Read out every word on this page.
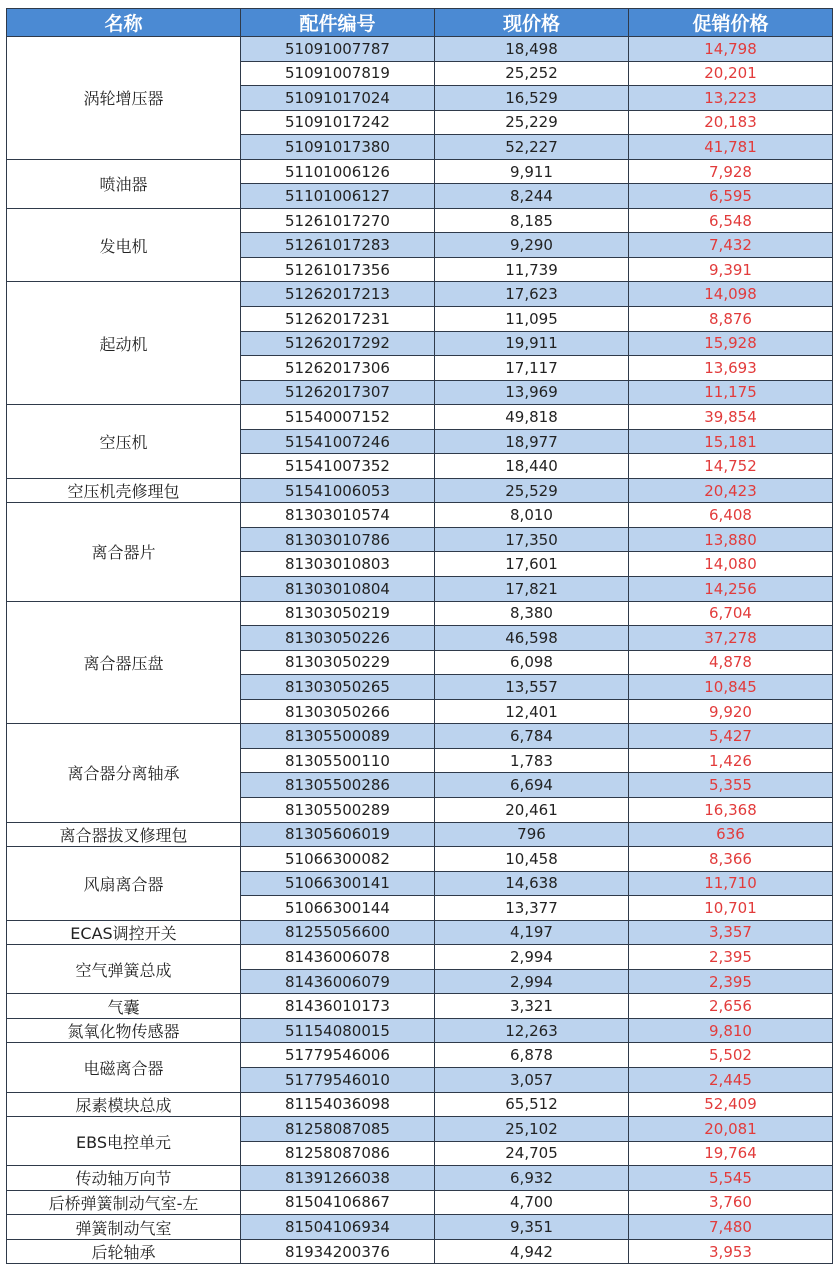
名称	配件编号	现价格	促销价格
涡轮增压器	51091007787	18,498	14,798
	51091007819	25,252	20,201
	51091017024	16,529	13,223
	51091017242	25,229	20,183
	51091017380	52,227	41,781
喷油器	51101006126	9,911	7,928
	51101006127	8,244	6,595
发电机	51261017270	8,185	6,548
	51261017283	9,290	7,432
	51261017356	11,739	9,391
起动机	51262017213	17,623	14,098
	51262017231	11,095	8,876
	51262017292	19,911	15,928
	51262017306	17,117	13,693
	51262017307	13,969	11,175
空压机	51540007152	49,818	39,854
	51541007246	18,977	15,181
	51541007352	18,440	14,752
空压机壳修理包	51541006053	25,529	20,423
离合器片	81303010574	8,010	6,408
	81303010786	17,350	13,880
	81303010803	17,601	14,080
	81303010804	17,821	14,256
离合器压盘	81303050219	8,380	6,704
	81303050226	46,598	37,278
	81303050229	6,098	4,878
	81303050265	13,557	10,845
	81303050266	12,401	9,920
离合器分离轴承	81305500089	6,784	5,427
	81305500110	1,783	1,426
	81305500286	6,694	5,355
	81305500289	20,461	16,368
离合器拔叉修理包	81305606019	796	636
风扇离合器	51066300082	10,458	8,366
	51066300141	14,638	11,710
	51066300144	13,377	10,701
ECAS调控开关	81255056600	4,197	3,357
空气弹簧总成	81436006078	2,994	2,395
	81436006079	2,994	2,395
气囊	81436010173	3,321	2,656
氮氧化物传感器	51154080015	12,263	9,810
电磁离合器	51779546006	6,878	5,502
	51779546010	3,057	2,445
尿素模块总成	81154036098	65,512	52,409
EBS电控单元	81258087085	25,102	20,081
	81258087086	24,705	19,764
传动轴万向节	81391266038	6,932	5,545
后桥弹簧制动气室-左	81504106867	4,700	3,760
弹簧制动气室	81504106934	9,351	7,480
后轮轴承	81934200376	4,942	3,953
